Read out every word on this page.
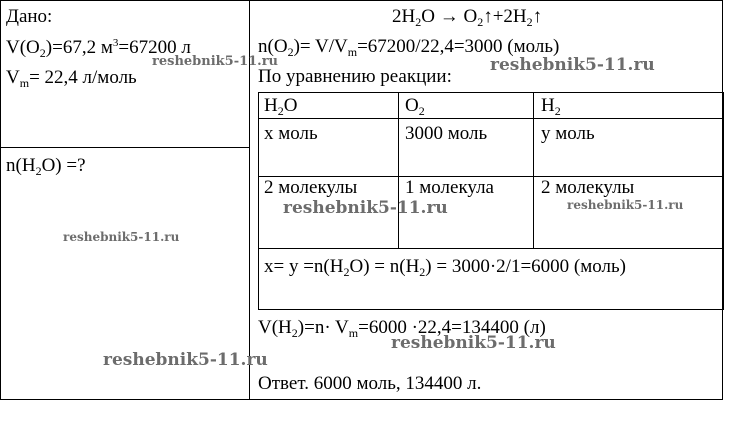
Дано:
$V(O_2)=67,2$ $м^3=67200$ л
$V_m= 22,4$ л/моль
$n(H_2O)$ =?
$2H_2O$ → $O_2↑+2H_2↑$
$n(O_2)= V/V_m=67200/22,4=3000$ (моль)
По уравнению реакции:
$H_2O$	$O_2$	$H_2$
x моль	3000 моль	y моль
2 молекулы	1 молекула 2 молекулы
$x= y =n(H_2O) = n(H_2) = 3000\cdot 2/1=6000$ (моль)
$V(H_2)=n\cdot V_m=6000 \cdot 22,4=134400$ (л)
Ответ. 6000 моль, 134400 л.
reshebnik5-11.ru	reshebnik5-11.ru
reshebnik5-11.ru	reshebnik5-11.ru
reshebnik5-11.ru
reshebnik5-11.ru
reshebnik5-11.ru
